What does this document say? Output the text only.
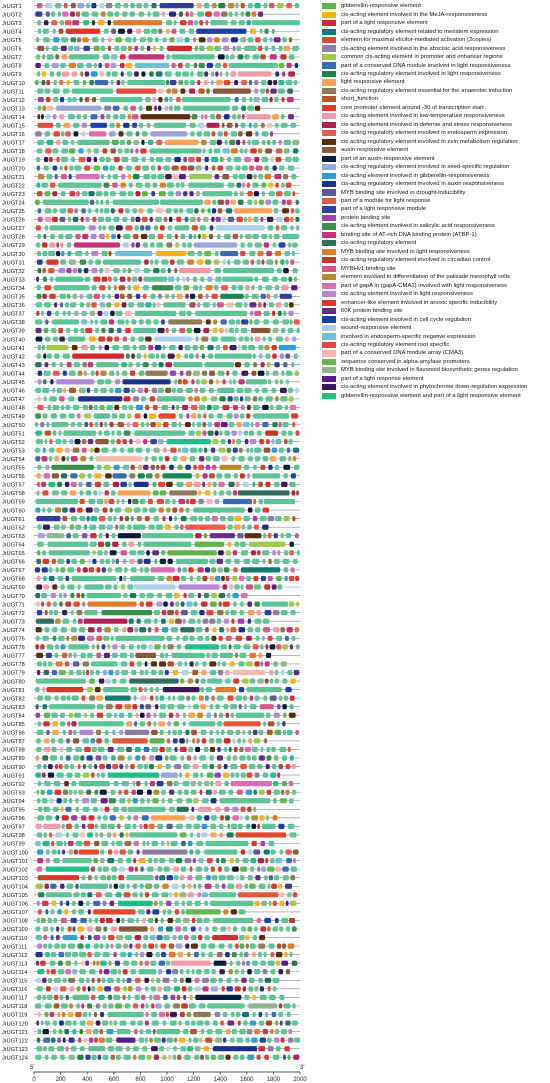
JrUGT1
JrUGT2
JrUGT3
JrUGT4
JrUGT5
JrUGT6
JrUGT7
JrUGT8
JrUGT9
JrUGT10
JrUGT11
JrUGT12
JrUGT13
JrUGT14
JrUGT15
JrUGT16
JrUGT17
JrUGT18
JrUGT19
JrUGT20
JrUGT21
JrUGT22
JrUGT23
JrUGT24
JrUGT25
JrUGT26
JrUGT27
JrUGT28
JrUGT29
JrUGT30
JrUGT31
JrUGT32
JrUGT33
JrUGT34
JrUGT35
JrUGT36
JrUGT37
JrUGT38
JrUGT39
JrUGT40
JrUGT41
JrUGT42
JrUGT43
JrUGT44
JrUGT45
JrUGT46
JrUGT47
JrUGT48
JrUGT49
JrUGT50
JrUGT51
JrUGT52
JrUGT53
JrUGT54
JrUGT55
JrUGT56
JrUGT57
JrUGT58
JrUGT59
JrUGT60
JrUGT61
JrUGT62
JrUGT63
JrUGT64
JrUGT65
JrUGT66
JrUGT67
JrUGT68
JrUGT69
JrUGT70
JrUGT71
JrUGT72
JrUGT73
JrUGT74
JrUGT75
JrUGT76
JrUGT77
JrUGT78
JrUGT79
JrUGT80
JrUGT81
JrUGT82
JrUGT83
JrUGT84
JrUGT85
JrUGT86
JrUGT87
JrUGT88
JrUGT89
JrUGT90
JrUGT91
JrUGT92
JrUGT93
JrUGT94
JrUGT95
JrUGT96
JrUGT97
JrUGT98
JrUGT99
JrUGT100
JrUGT101
JrUGT102
JrUGT103
JrUGT104
JrUGT105
JrUGT106
JrUGT107
JrUGT108
JrUGT109
JrUGT110
JrUGT111
JrUGT112
JrUGT113
JrUGT114
JrUGT115
JrUGT116
JrUGT117
JrUGT118
JrUGT119
JrUGT120
JrUGT121
JrUGT122
JrUGT123
JrUGT124
5'	3'
0	200	400	600	800 1000 1200 1400 1600 1800 2000
gibberellin-responsive element
cis-acting element involved in the MeJA-responsiveness
part of a light responsive element
cis-acting regulatory element related to meristem expression
element for maximal elicitor-mediated activation (2copies)
cis-acting element involved in the abscisic acid responsiveness
common cis-acting element in promoter and enhancer regions
part of a conserved DNA module involved in light responsiveness
cis-acting regulatory element involved in light responsiveness
light responsive element
cis-acting regulatory element essential for the anaerobic induction
short_function
core promoter element around -30 of transcription start
cis-acting element involved in low-temperature responsiveness
cis-acting element involved in defense and stress responsiveness
cis-acting regulatory element involved in endosperm expression
cis-acting regulatory element involved in zein metabolism regulation
auxin-responsive element
part of an auxin-responsive element
cis-acting regulatory element involved in seed-specific regulation
cis-acting element involved in gibberellin-responsiveness
cis-acting regulatory element involved in auxin responsiveness
MYB binding site involved in drought-inducibility
part of a module for light response
part of a light responsive module
protein binding site
cis-acting element involved in salicylic acid responsiveness
binding site of AT-rich DNA binding protein (ATBP-1)
cis-acting regulatory element
MYB binding site involved in light responsiveness
cis-acting regulatory element involved in circadian control
MYBHv1 binding site
element involved in differentiation of the palisade mesophyll cells
part of gapA in (gapA-CMA1) involved with light responsiveness
cis-acting element involved in light responsiveness
enhancer-like element involved in anoxic specific inducibility
60K protein binding site
cis-acting element involved in cell cycle regulation
wound-responsive element
involved in endosperm-specific negative expression
cis-acting regulatory element root specific
part of a conserved DNA module array (CMA3)
sequence conserved in alpha-amylase promoters
MYB binding site involved in flavonoid biosynthetic genes regulation
part of a light response element
cis-acting element involved in phytochrome down-regulation expression
gibberellin-responsive element and part of a light responsive element
